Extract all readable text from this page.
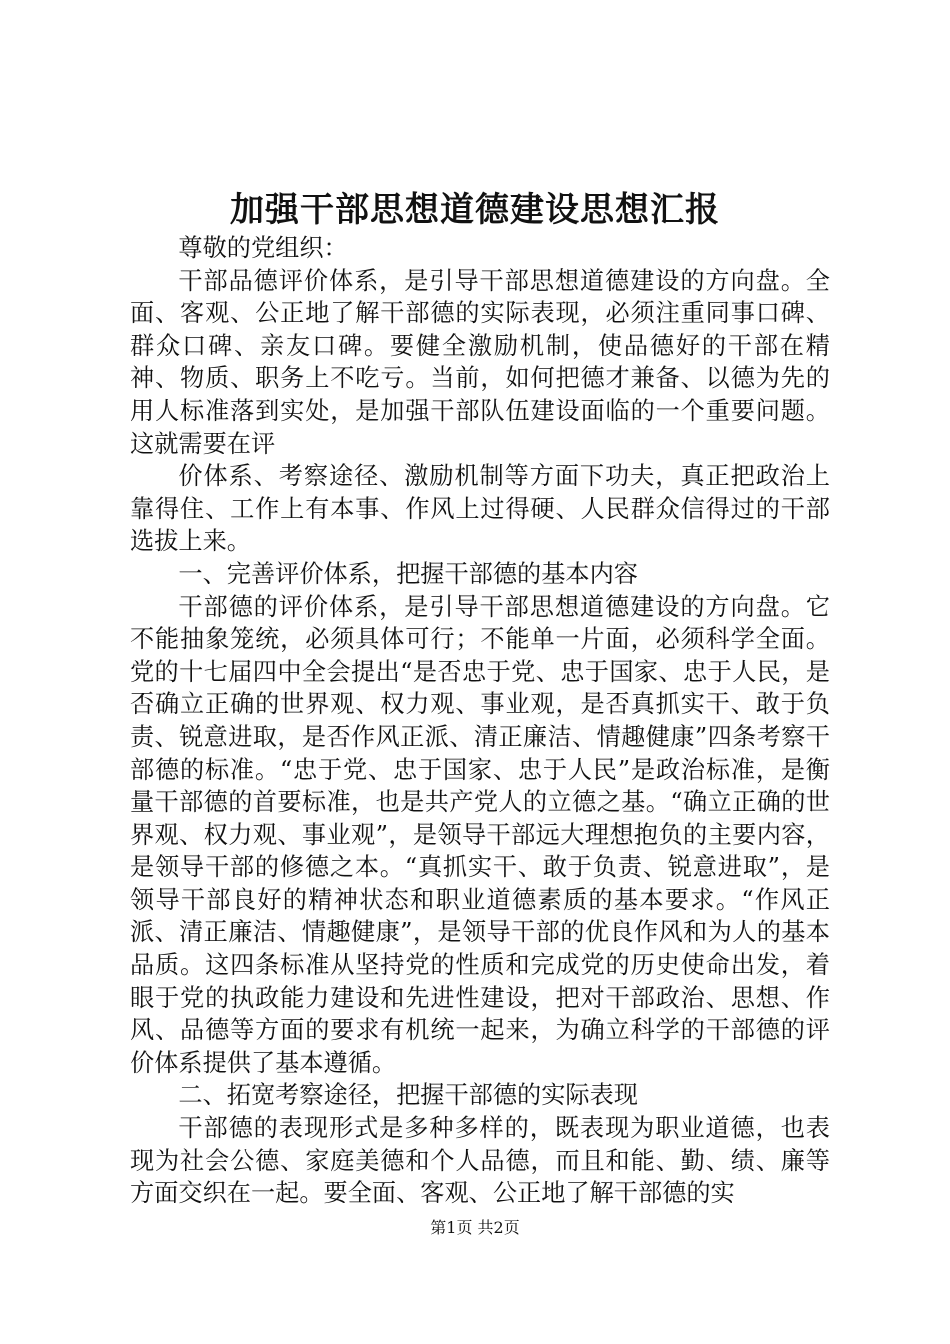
加强干部思想道德建设思想汇报

尊敬的党组织：

干部品德评价体系，是引导干部思想道德建设的方向盘。全面、客观、公正地了解干部德的实际表现，必须注重同事口碑、群众口碑、亲友口碑。要健全激励机制，使品德好的干部在精神、物质、职务上不吃亏。当前，如何把德才兼备、以德为先的用人标准落到实处，是加强干部队伍建设面临的一个重要问题。这就需要在评

价体系、考察途径、激励机制等方面下功夫，真正把政治上靠得住、工作上有本事、作风上过得硬、人民群众信得过的干部选拔上来。

一、完善评价体系，把握干部德的基本内容

干部德的评价体系，是引导干部思想道德建设的方向盘。它不能抽象笼统，必须具体可行；不能单一片面，必须科学全面。党的十七届四中全会提出“是否忠于党、忠于国家、忠于人民，是否确立正确的世界观、权力观、事业观，是否真抓实干、敢于负责、锐意进取，是否作风正派、清正廉洁、情趣健康”四条考察干部德的标准。“忠于党、忠于国家、忠于人民”是政治标准，是衡量干部德的首要标准，也是共产党人的立德之基。“确立正确的世界观、权力观、事业观”，是领导干部远大理想抱负的主要内容，是领导干部的修德之本。“真抓实干、敢于负责、锐意进取”，是领导干部良好的精神状态和职业道德素质的基本要求。“作风正派、清正廉洁、情趣健康”，是领导干部的优良作风和为人的基本品质。这四条标准从坚持党的性质和完成党的历史使命出发，着眼于党的执政能力建设和先进性建设，把对干部政治、思想、作风、品德等方面的要求有机统一起来，为确立科学的干部德的评价体系提供了基本遵循。

二、拓宽考察途径，把握干部德的实际表现

干部德的表现形式是多种多样的，既表现为职业道德，也表现为社会公德、家庭美德和个人品德，而且和能、勤、绩、廉等方面交织在一起。要全面、客观、公正地了解干部德的实

第1页 共2页
